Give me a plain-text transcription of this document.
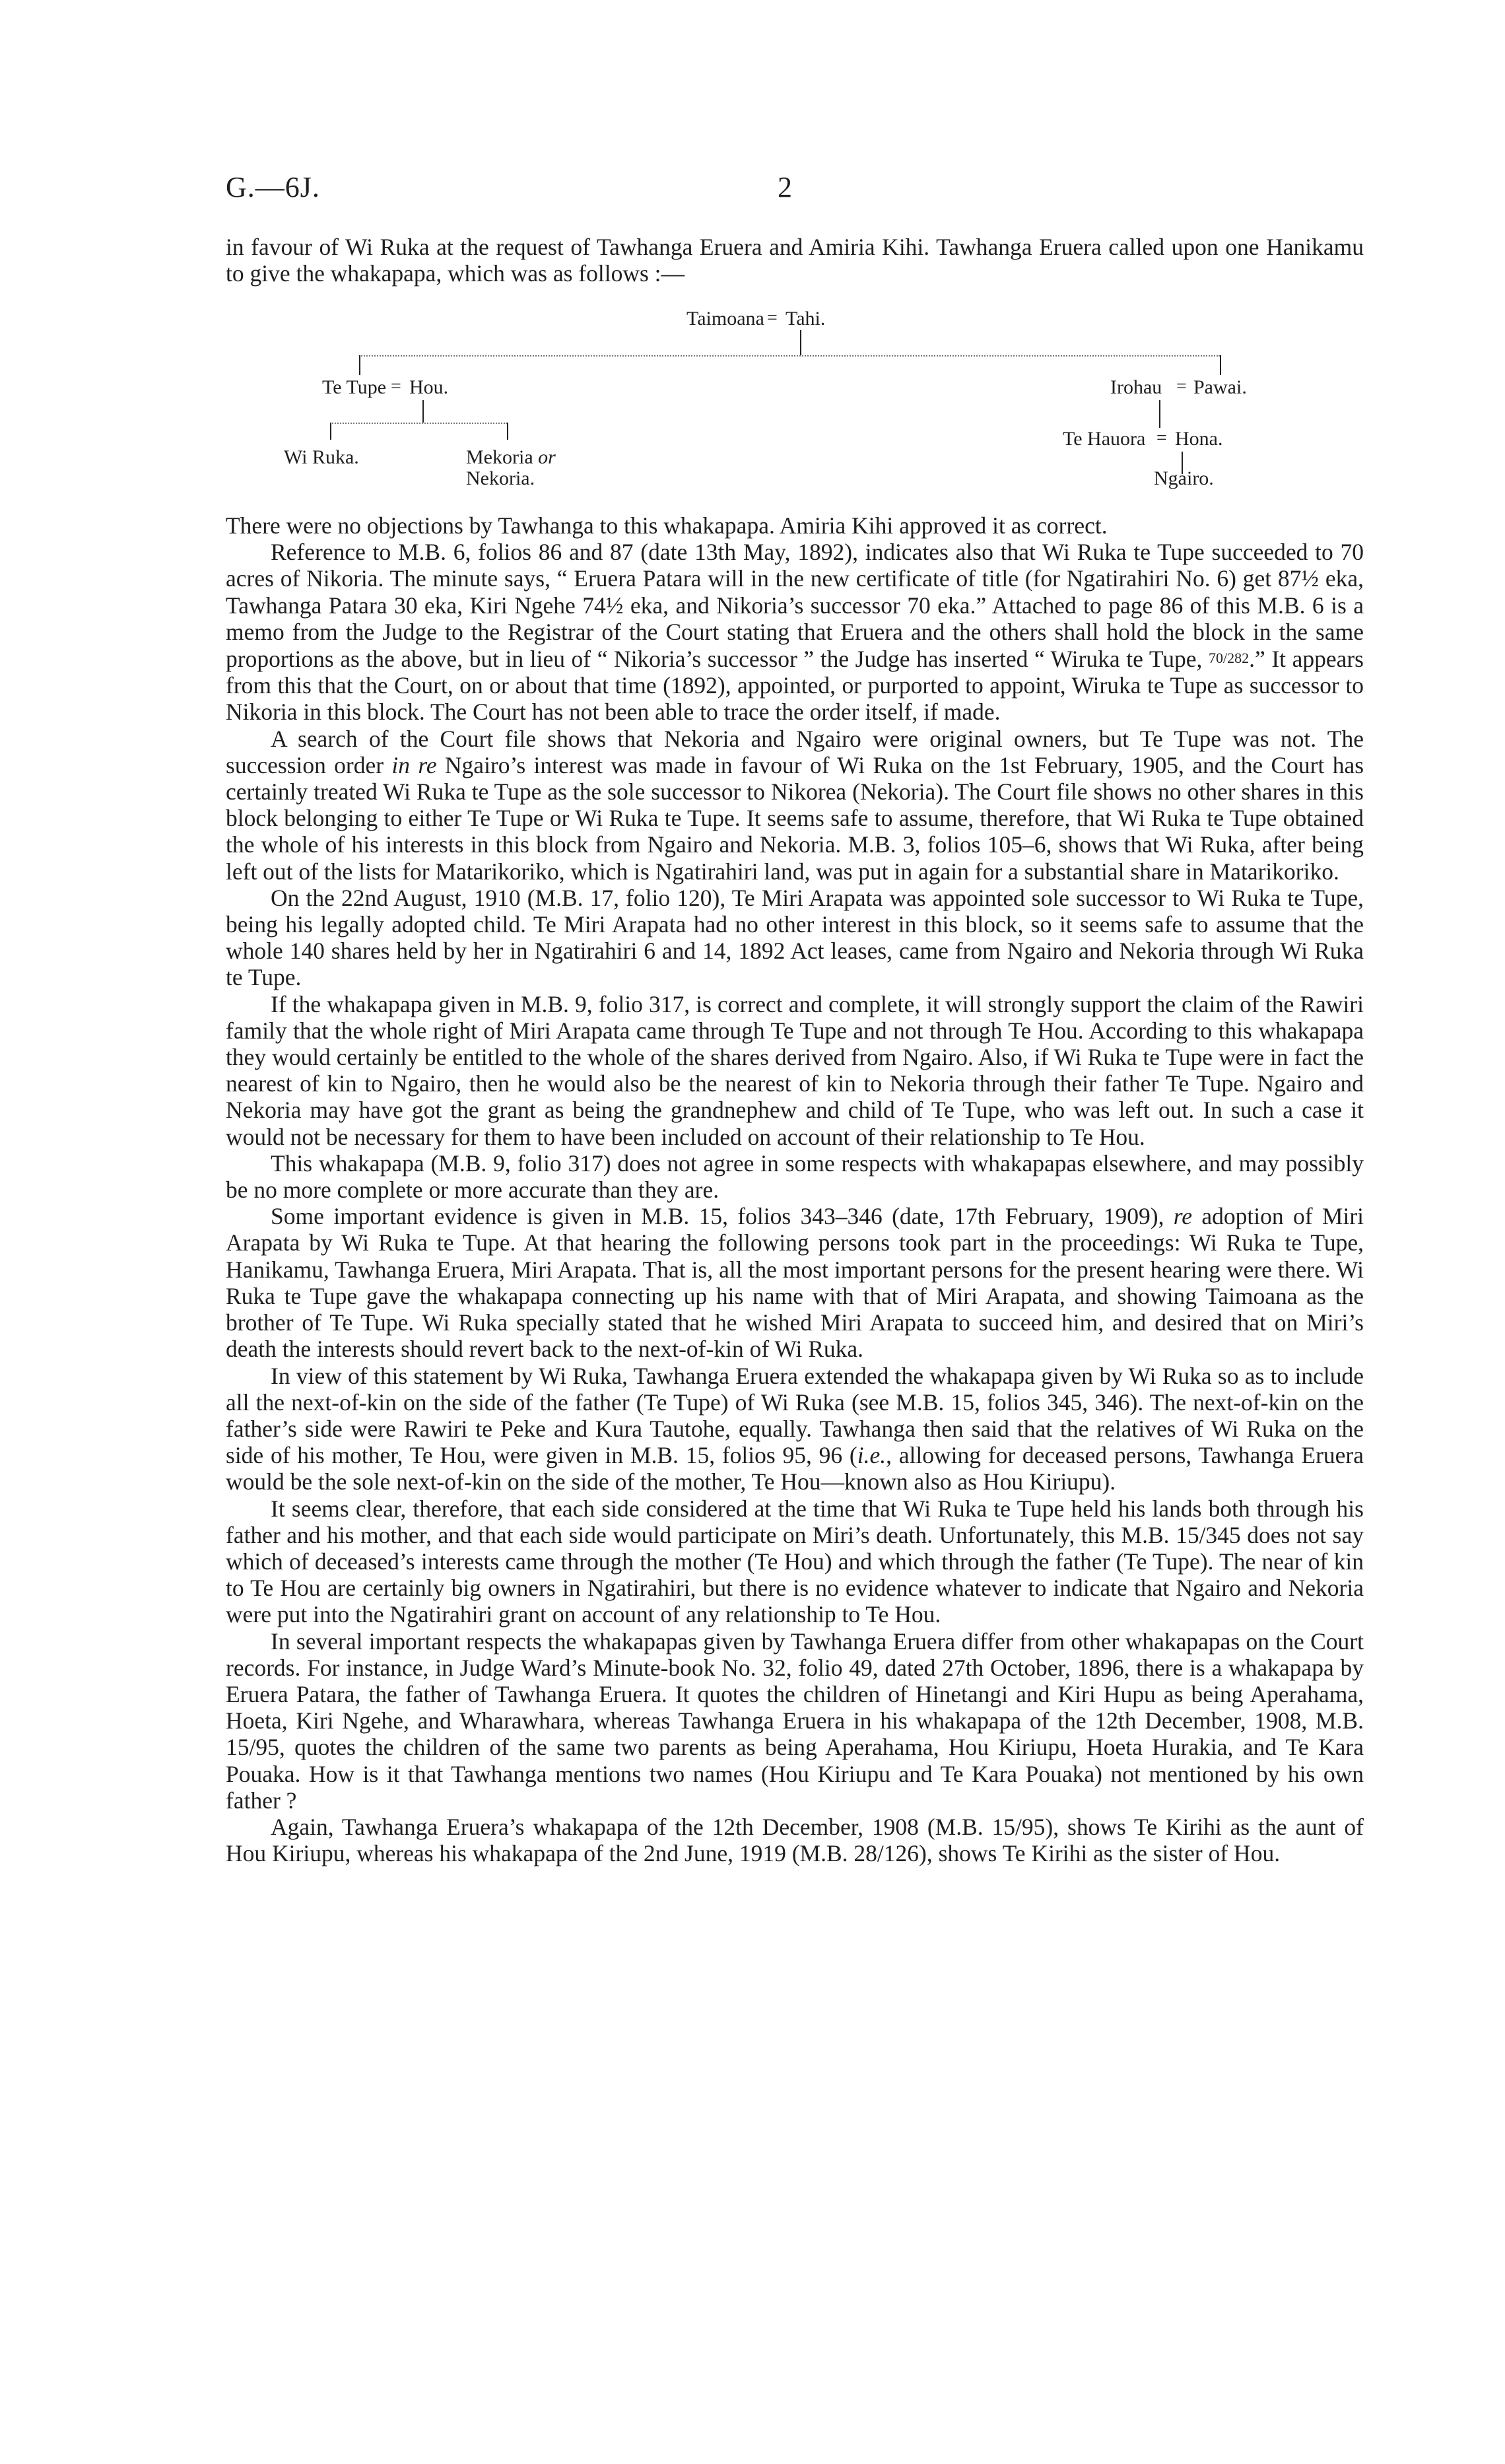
G.—6J.	2

in favour of Wi Ruka at the request of Tawhanga Eruera and Amiria Kihi. Tawhanga Eruera called upon one Hanikamu to give the whakapapa, which was as follows :—

Taimoana = Tahi.
Te Tupe = Hou.	Irohau = Pawai.
Te Hauora = Hona.
Wi Ruka.	Mekoria or
Nekoria.	Ngairo.

There were no objections by Tawhanga to this whakapapa. Amiria Kihi approved it as correct.

Reference to M.B. 6, folios 86 and 87 (date 13th May, 1892), indicates also that Wi Ruka te Tupe succeeded to 70 acres of Nikoria. The minute says, “ Eruera Patara will in the new certificate of title (for Ngatirahiri No. 6) get 87½ eka, Tawhanga Patara 30 eka, Kiri Ngehe 74½ eka, and Nikoria’s successor 70 eka.” Attached to page 86 of this M.B. 6 is a memo from the Judge to the Registrar of the Court stating that Eruera and the others shall hold the block in the same proportions as the above, but in lieu of “ Nikoria’s successor ” the Judge has inserted “ Wiruka te Tupe, 70/282.” It appears from this that the Court, on or about that time (1892), appointed, or purported to appoint, Wiruka te Tupe as successor to Nikoria in this block. The Court has not been able to trace the order itself, if made.

A search of the Court file shows that Nekoria and Ngairo were original owners, but Te Tupe was not. The succession order in re Ngairo’s interest was made in favour of Wi Ruka on the 1st February, 1905, and the Court has certainly treated Wi Ruka te Tupe as the sole successor to Nikorea (Nekoria). The Court file shows no other shares in this block belonging to either Te Tupe or Wi Ruka te Tupe. It seems safe to assume, therefore, that Wi Ruka te Tupe obtained the whole of his interests in this block from Ngairo and Nekoria. M.B. 3, folios 105–6, shows that Wi Ruka, after being left out of the lists for Matarikoriko, which is Ngatirahiri land, was put in again for a substantial share in Matarikoriko.

On the 22nd August, 1910 (M.B. 17, folio 120), Te Miri Arapata was appointed sole successor to Wi Ruka te Tupe, being his legally adopted child. Te Miri Arapata had no other interest in this block, so it seems safe to assume that the whole 140 shares held by her in Ngatirahiri 6 and 14, 1892 Act leases, came from Ngairo and Nekoria through Wi Ruka te Tupe.

If the whakapapa given in M.B. 9, folio 317, is correct and complete, it will strongly support the claim of the Rawiri family that the whole right of Miri Arapata came through Te Tupe and not through Te Hou. According to this whakapapa they would certainly be entitled to the whole of the shares derived from Ngairo. Also, if Wi Ruka te Tupe were in fact the nearest of kin to Ngairo, then he would also be the nearest of kin to Nekoria through their father Te Tupe. Ngairo and Nekoria may have got the grant as being the grandnephew and child of Te Tupe, who was left out. In such a case it would not be necessary for them to have been included on account of their relationship to Te Hou.

This whakapapa (M.B. 9, folio 317) does not agree in some respects with whakapapas elsewhere, and may possibly be no more complete or more accurate than they are.

Some important evidence is given in M.B. 15, folios 343–346 (date, 17th February, 1909), re adoption of Miri Arapata by Wi Ruka te Tupe. At that hearing the following persons took part in the proceedings: Wi Ruka te Tupe, Hanikamu, Tawhanga Eruera, Miri Arapata. That is, all the most important persons for the present hearing were there. Wi Ruka te Tupe gave the whakapapa connecting up his name with that of Miri Arapata, and showing Taimoana as the brother of Te Tupe. Wi Ruka specially stated that he wished Miri Arapata to succeed him, and desired that on Miri’s death the interests should revert back to the next-of-kin of Wi Ruka.

In view of this statement by Wi Ruka, Tawhanga Eruera extended the whakapapa given by Wi Ruka so as to include all the next-of-kin on the side of the father (Te Tupe) of Wi Ruka (see M.B. 15, folios 345, 346). The next-of-kin on the father’s side were Rawiri te Peke and Kura Tautohe, equally. Tawhanga then said that the relatives of Wi Ruka on the side of his mother, Te Hou, were given in M.B. 15, folios 95, 96 (i.e., allowing for deceased persons, Tawhanga Eruera would be the sole next-of-kin on the side of the mother, Te Hou—known also as Hou Kiriupu).

It seems clear, therefore, that each side considered at the time that Wi Ruka te Tupe held his lands both through his father and his mother, and that each side would participate on Miri’s death. Unfortunately, this M.B. 15/345 does not say which of deceased’s interests came through the mother (Te Hou) and which through the father (Te Tupe). The near of kin to Te Hou are certainly big owners in Ngatirahiri, but there is no evidence whatever to indicate that Ngairo and Nekoria were put into the Ngatirahiri grant on account of any relationship to Te Hou.

In several important respects the whakapapas given by Tawhanga Eruera differ from other whakapapas on the Court records. For instance, in Judge Ward’s Minute-book No. 32, folio 49, dated 27th October, 1896, there is a whakapapa by Eruera Patara, the father of Tawhanga Eruera. It quotes the children of Hinetangi and Kiri Hupu as being Aperahama, Hoeta, Kiri Ngehe, and Wharawhara, whereas Tawhanga Eruera in his whakapapa of the 12th December, 1908, M.B. 15/95, quotes the children of the same two parents as being Aperahama, Hou Kiriupu, Hoeta Hurakia, and Te Kara Pouaka. How is it that Tawhanga mentions two names (Hou Kiriupu and Te Kara Pouaka) not mentioned by his own father ?

Again, Tawhanga Eruera’s whakapapa of the 12th December, 1908 (M.B. 15/95), shows Te Kirihi as the aunt of Hou Kiriupu, whereas his whakapapa of the 2nd June, 1919 (M.B. 28/126), shows Te Kirihi as the sister of Hou.
